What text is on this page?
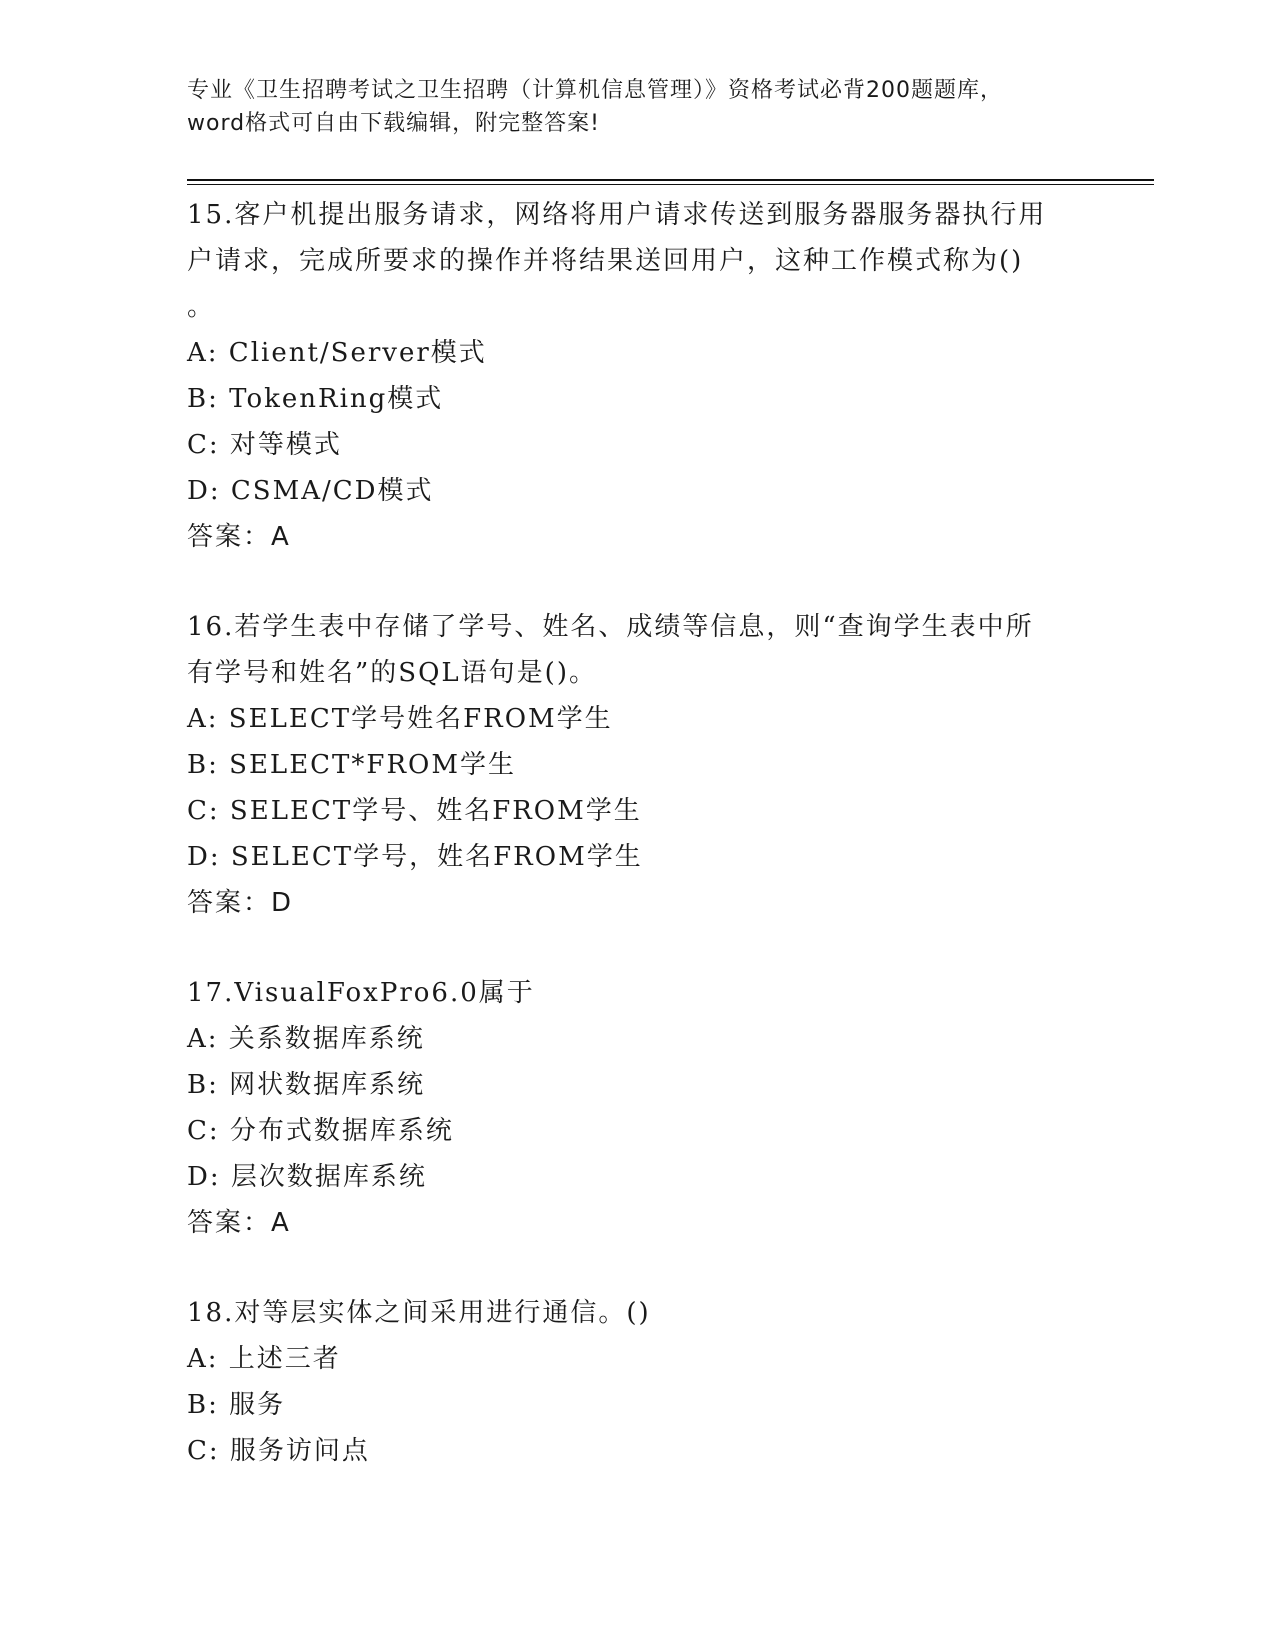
专业《卫生招聘考试之卫生招聘（计算机信息管理）》资格考试必背200题题库，
word格式可自由下载编辑，附完整答案!
15.客户机提出服务请求，网络将用户请求传送到服务器服务器执行用
户请求，完成所要求的操作并将结果送回用户，这种工作模式称为()
。
A: Client/Server模式
B: TokenRing模式
C: 对等模式
D: CSMA/CD模式
答案：A
16.若学生表中存储了学号、姓名、成绩等信息，则“查询学生表中所
有学号和姓名”的SQL语句是()。
A: SELECT学号姓名FROM学生
B: SELECT*FROM学生
C: SELECT学号、姓名FROM学生
D: SELECT学号，姓名FROM学生
答案：D
17.VisualFoxPro6.0属于
A: 关系数据库系统
B: 网状数据库系统
C: 分布式数据库系统
D: 层次数据库系统
答案：A
18.对等层实体之间采用进行通信。()
A: 上述三者
B: 服务
C: 服务访问点
